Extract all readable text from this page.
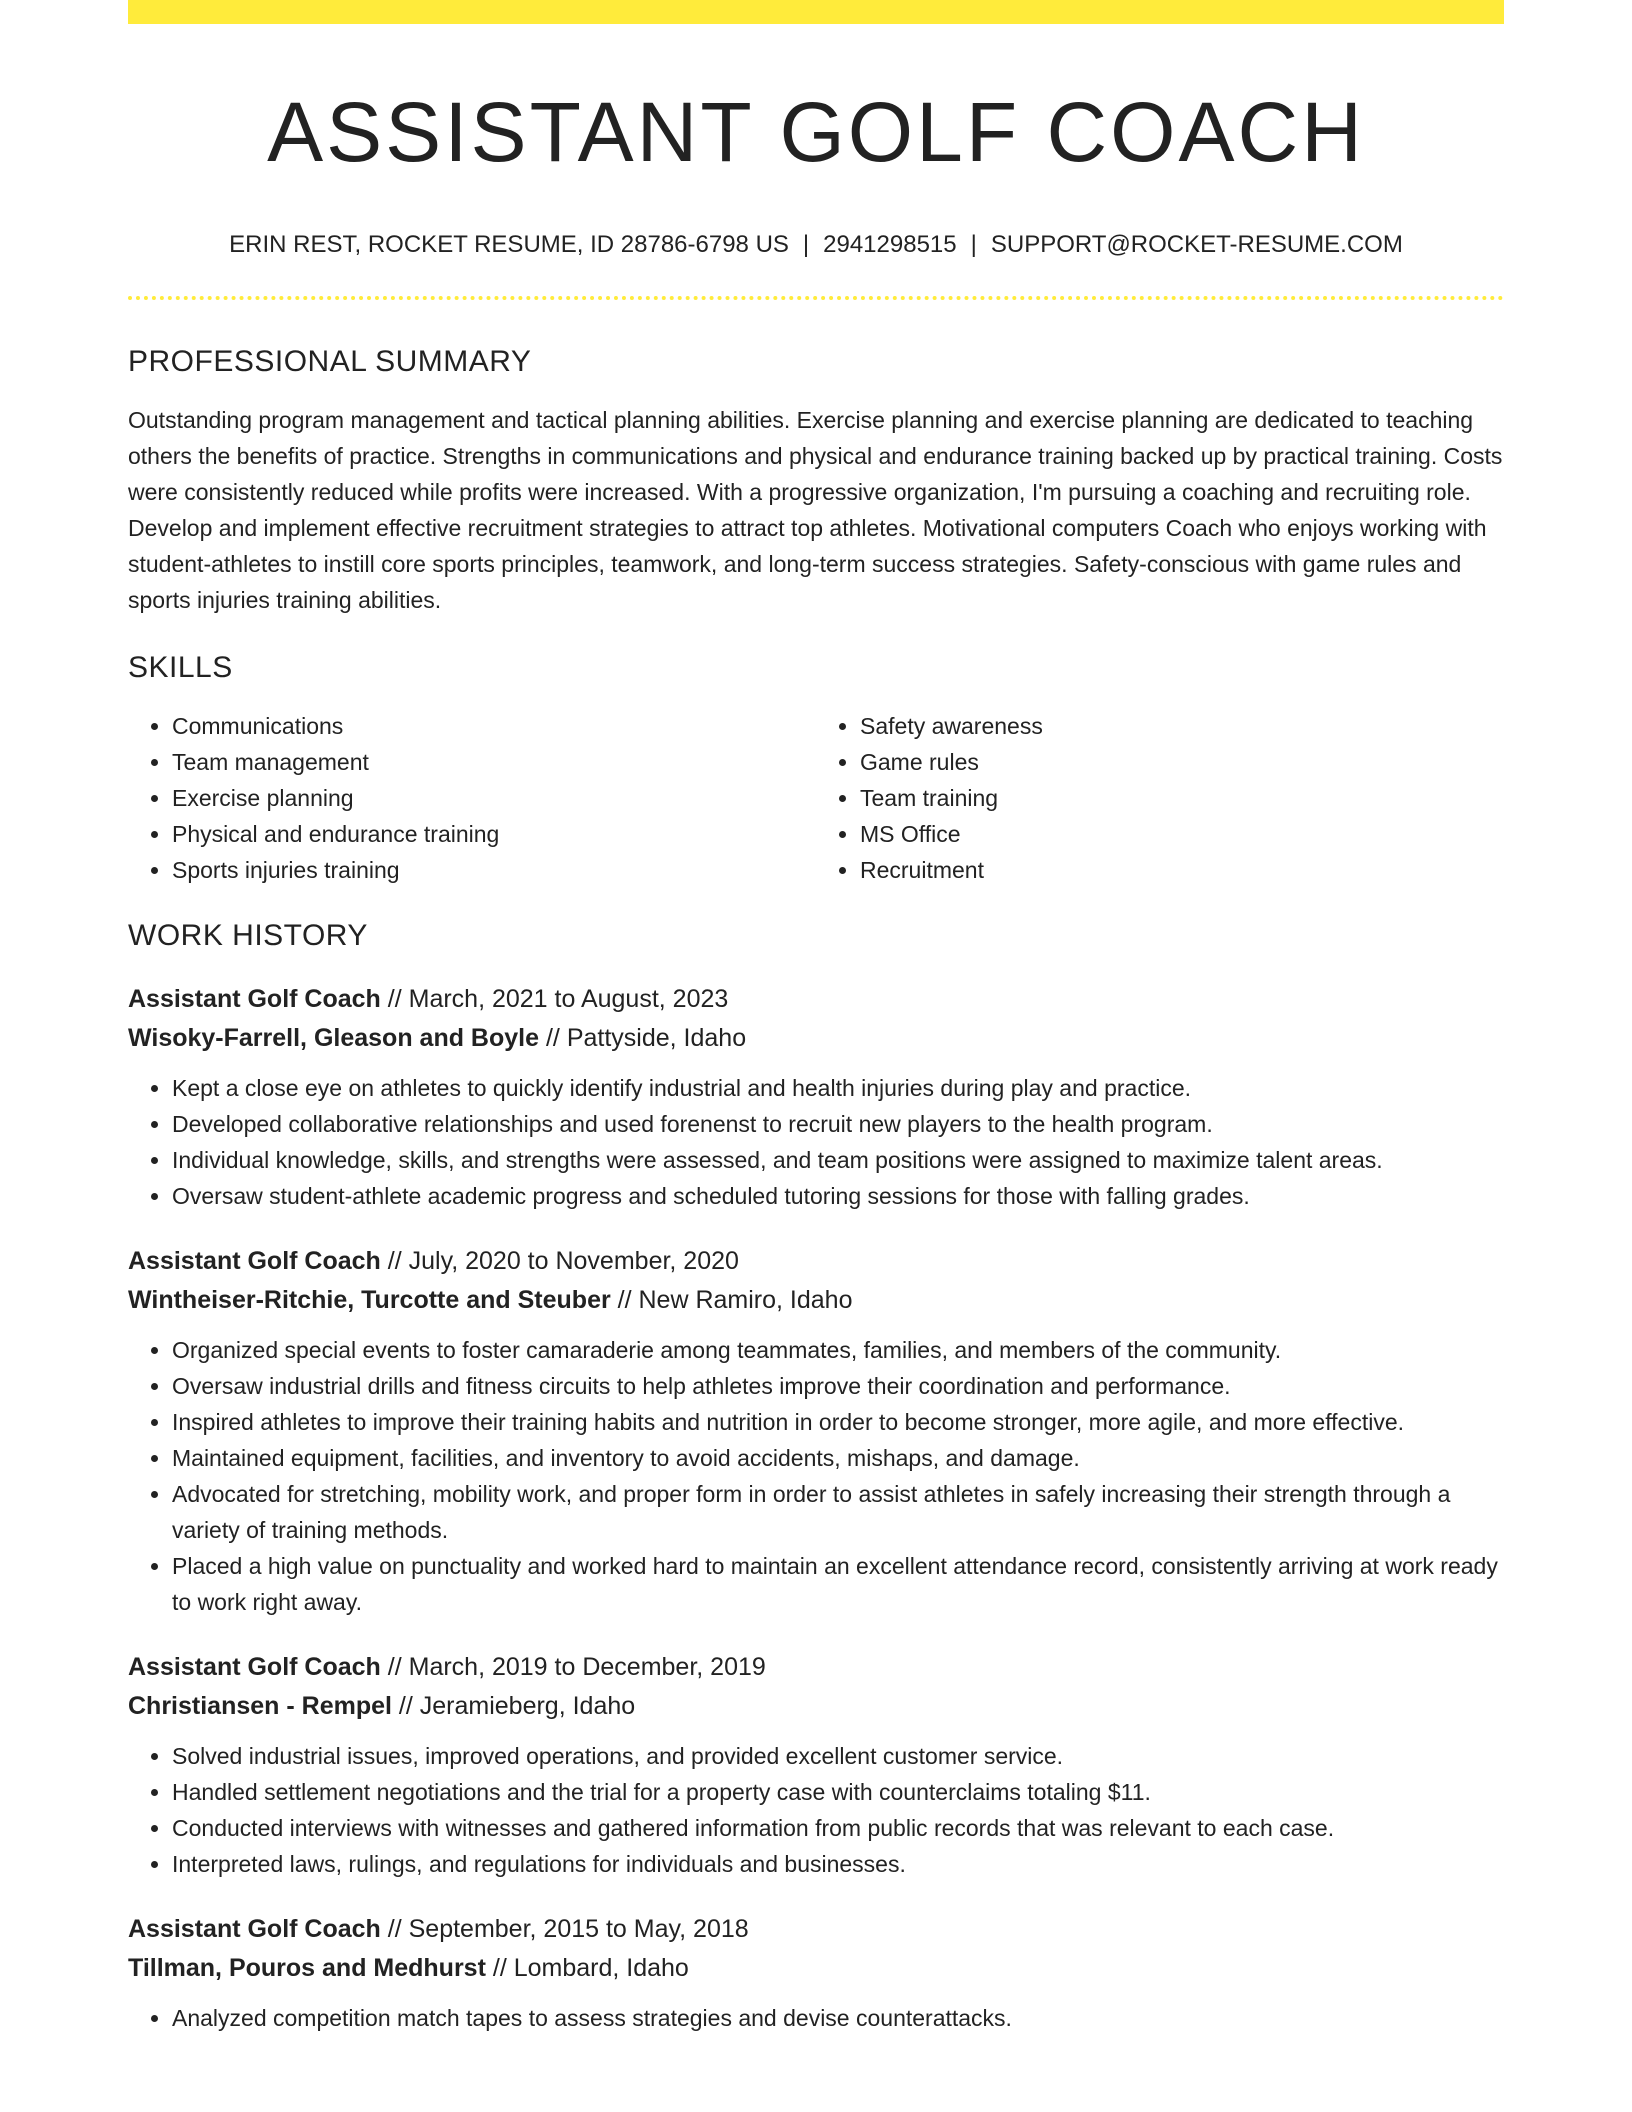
ASSISTANT GOLF COACH
ERIN REST, ROCKET RESUME, ID 28786-6798 US | 2941298515 | SUPPORT@ROCKET-RESUME.COM
PROFESSIONAL SUMMARY

Outstanding program management and tactical planning abilities. Exercise planning and exercise planning are dedicated to teaching others the benefits of practice. Strengths in communications and physical and endurance training backed up by practical training. Costs were consistently reduced while profits were increased. With a progressive organization, I'm pursuing a coaching and recruiting role. Develop and implement effective recruitment strategies to attract top athletes. Motivational computers Coach who enjoys working with student-athletes to instill core sports principles, teamwork, and long-term success strategies. Safety-conscious with game rules and sports injuries training abilities.

SKILLS
• Communications
• Team management
• Exercise planning
• Physical and endurance training
• Sports injuries training
• Safety awareness
• Game rules
• Team training
• MS Office
• Recruitment
WORK HISTORY
Assistant Golf Coach // March, 2021 to August, 2023
Wisoky-Farrell, Gleason and Boyle // Pattyside, Idaho
• Kept a close eye on athletes to quickly identify industrial and health injuries during play and practice.
• Developed collaborative relationships and used forenenst to recruit new players to the health program.
• Individual knowledge, skills, and strengths were assessed, and team positions were assigned to maximize talent areas.
• Oversaw student-athlete academic progress and scheduled tutoring sessions for those with falling grades.
Assistant Golf Coach // July, 2020 to November, 2020
Wintheiser-Ritchie, Turcotte and Steuber // New Ramiro, Idaho
• Organized special events to foster camaraderie among teammates, families, and members of the community.
• Oversaw industrial drills and fitness circuits to help athletes improve their coordination and performance.
• Inspired athletes to improve their training habits and nutrition in order to become stronger, more agile, and more effective.
• Maintained equipment, facilities, and inventory to avoid accidents, mishaps, and damage.
• Advocated for stretching, mobility work, and proper form in order to assist athletes in safely increasing their strength through a variety of training methods.
• Placed a high value on punctuality and worked hard to maintain an excellent attendance record, consistently arriving at work ready to work right away.
Assistant Golf Coach // March, 2019 to December, 2019
Christiansen - Rempel // Jeramieberg, Idaho
• Solved industrial issues, improved operations, and provided excellent customer service.
• Handled settlement negotiations and the trial for a property case with counterclaims totaling $11.
• Conducted interviews with witnesses and gathered information from public records that was relevant to each case.
• Interpreted laws, rulings, and regulations for individuals and businesses.
Assistant Golf Coach // September, 2015 to May, 2018
Tillman, Pouros and Medhurst // Lombard, Idaho
• Analyzed competition match tapes to assess strategies and devise counterattacks.
